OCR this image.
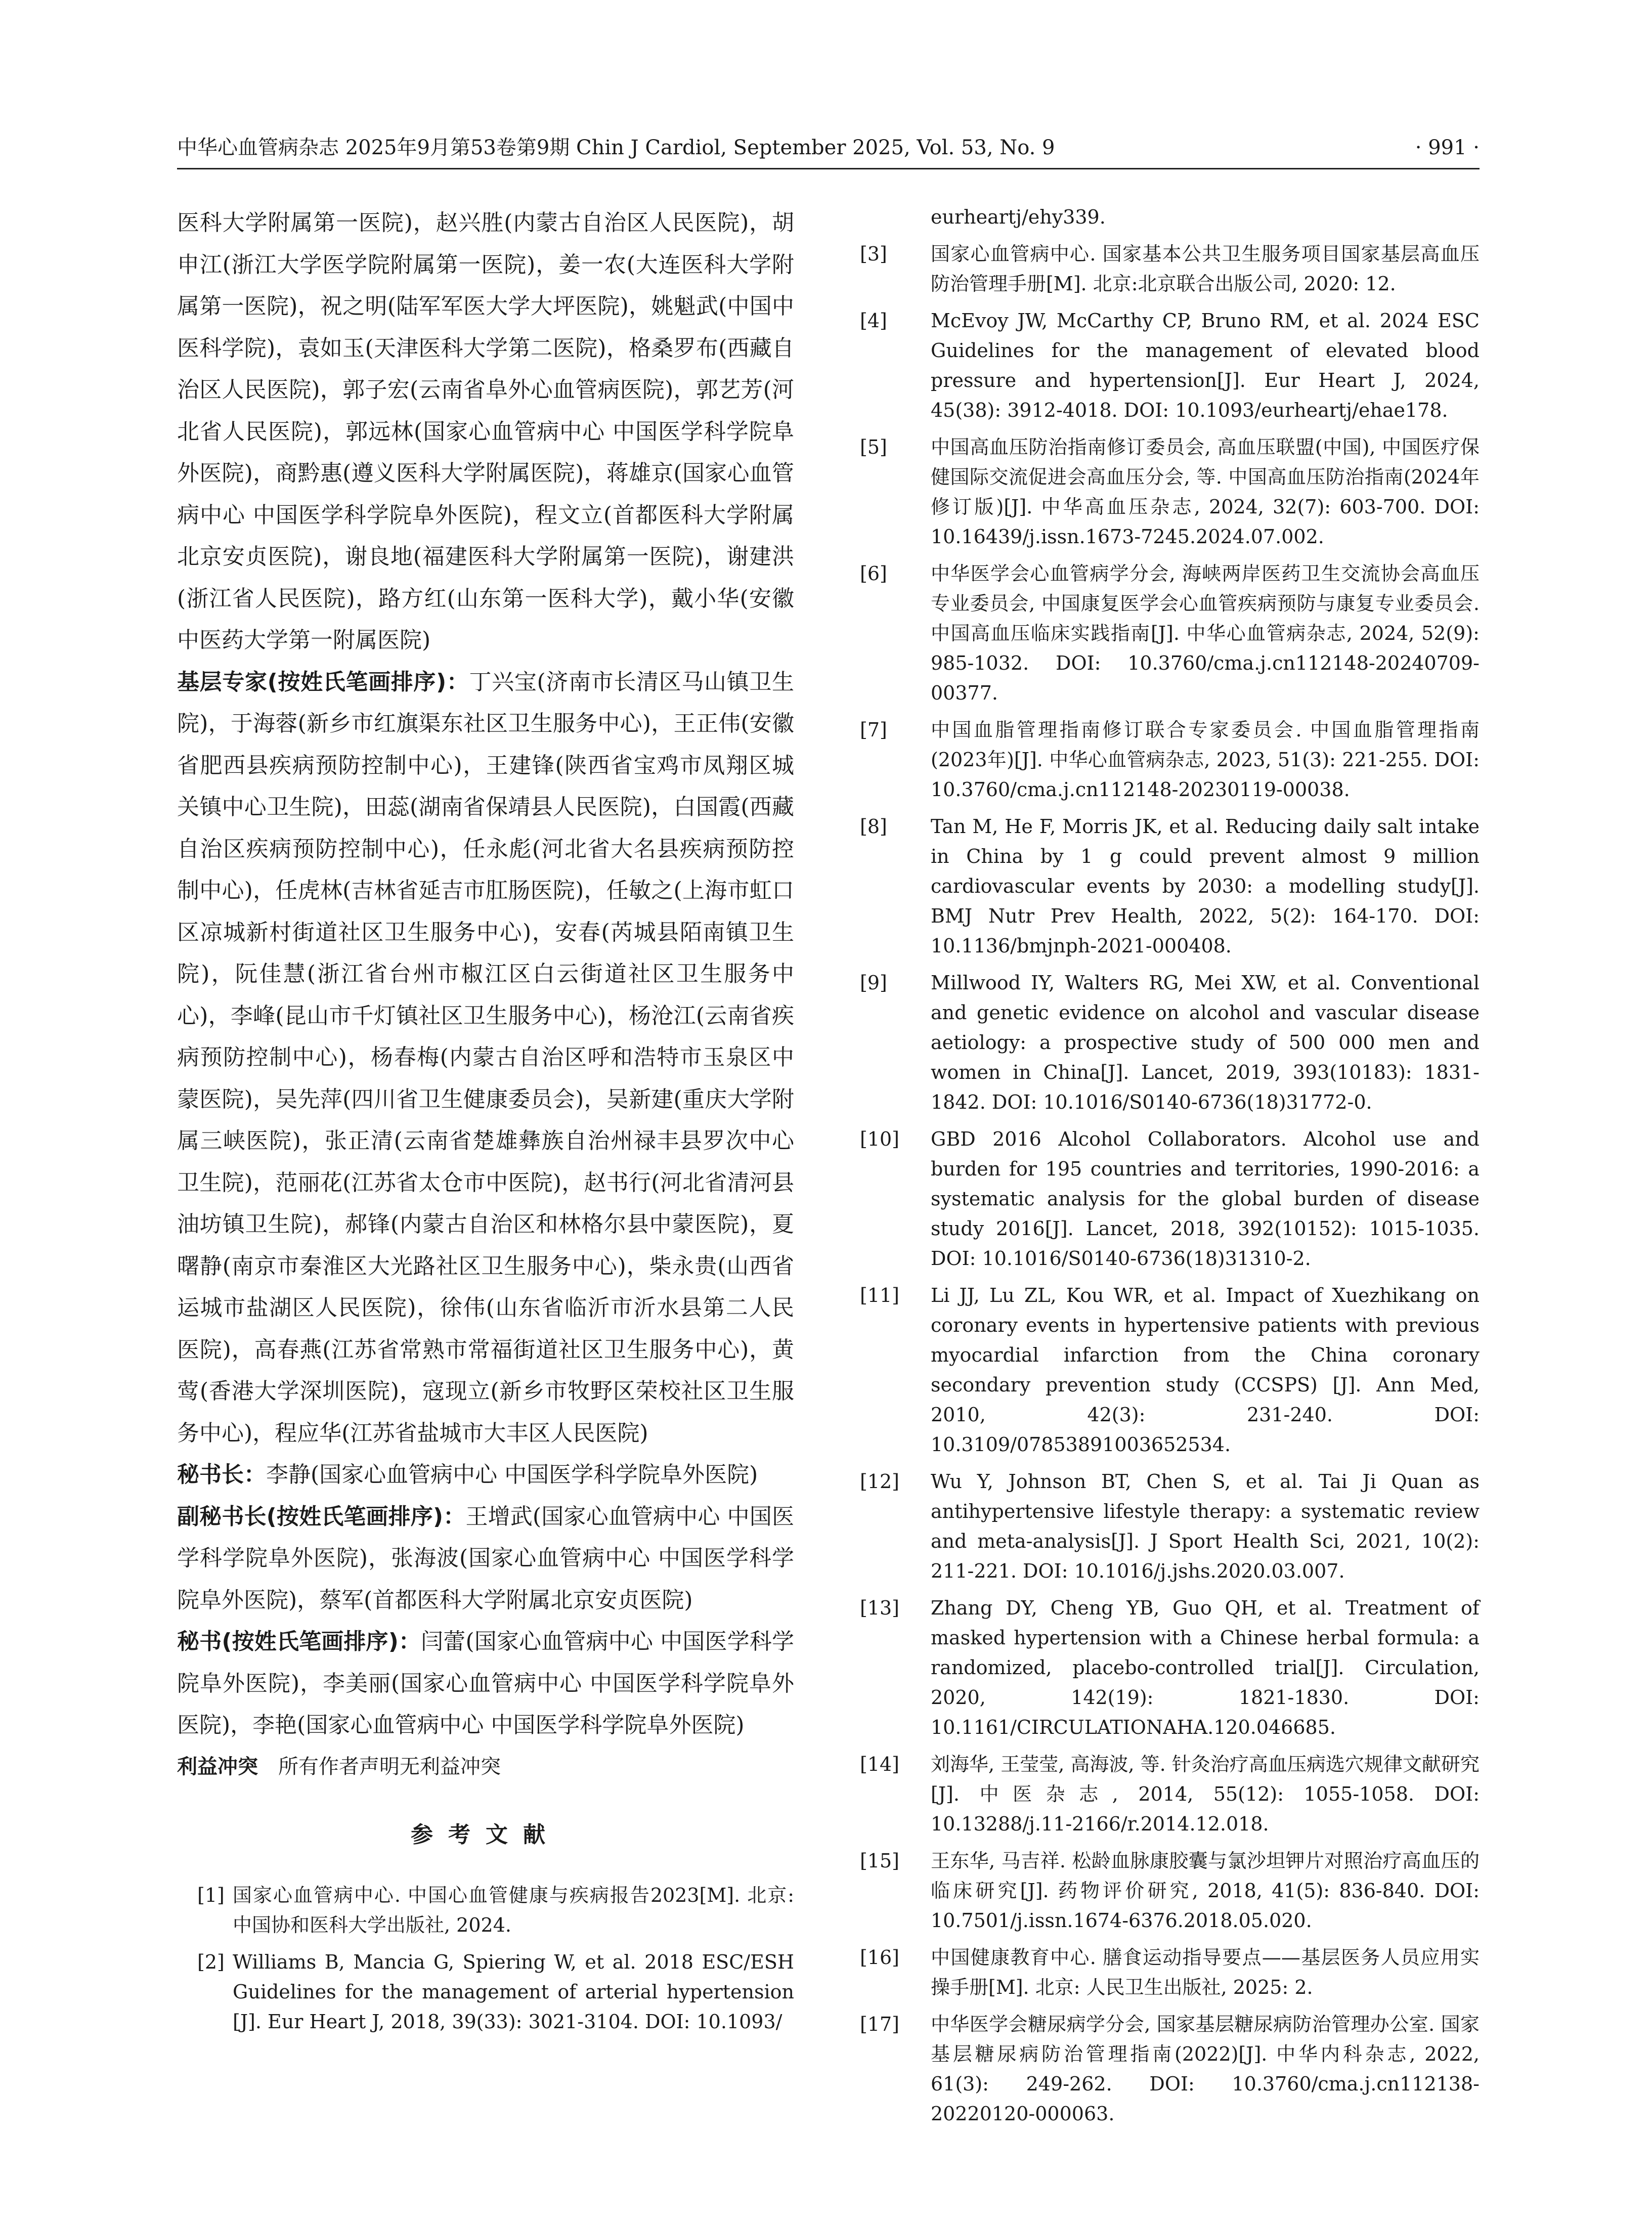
中华心血管病杂志 2025年9月第53卷第9期 Chin J Cardiol, September 2025, Vol. 53, No. 9	· 991 ·

医科大学附属第一医院)，赵兴胜(内蒙古自治区人民医院)，胡申江(浙江大学医学院附属第一医院)，姜一农(大连医科大学附属第一医院)，祝之明(陆军军医大学大坪医院)，姚魁武(中国中医科学院)，袁如玉(天津医科大学第二医院)，格桑罗布(西藏自治区人民医院)，郭子宏(云南省阜外心血管病医院)，郭艺芳(河北省人民医院)，郭远林(国家心血管病中心 中国医学科学院阜外医院)，商黔惠(遵义医科大学附属医院)，蒋雄京(国家心血管病中心 中国医学科学院阜外医院)，程文立(首都医科大学附属北京安贞医院)，谢良地(福建医科大学附属第一医院)，谢建洪(浙江省人民医院)，路方红(山东第一医科大学)，戴小华(安徽中医药大学第一附属医院)

基层专家(按姓氏笔画排序)：丁兴宝(济南市长清区马山镇卫生院)，于海蓉(新乡市红旗渠东社区卫生服务中心)，王正伟(安徽省肥西县疾病预防控制中心)，王建锋(陕西省宝鸡市凤翔区城关镇中心卫生院)，田蕊(湖南省保靖县人民医院)，白国霞(西藏自治区疾病预防控制中心)，任永彪(河北省大名县疾病预防控制中心)，任虎林(吉林省延吉市肛肠医院)，任敏之(上海市虹口区凉城新村街道社区卫生服务中心)，安春(芮城县陌南镇卫生院)，阮佳慧(浙江省台州市椒江区白云街道社区卫生服务中心)，李峰(昆山市千灯镇社区卫生服务中心)，杨沧江(云南省疾病预防控制中心)，杨春梅(内蒙古自治区呼和浩特市玉泉区中蒙医院)，吴先萍(四川省卫生健康委员会)，吴新建(重庆大学附属三峡医院)，张正清(云南省楚雄彝族自治州禄丰县罗次中心卫生院)，范丽花(江苏省太仓市中医院)，赵书行(河北省清河县油坊镇卫生院)，郝锋(内蒙古自治区和林格尔县中蒙医院)，夏曙静(南京市秦淮区大光路社区卫生服务中心)，柴永贵(山西省运城市盐湖区人民医院)，徐伟(山东省临沂市沂水县第二人民医院)，高春燕(江苏省常熟市常福街道社区卫生服务中心)，黄莺(香港大学深圳医院)，寇现立(新乡市牧野区荣校社区卫生服务中心)，程应华(江苏省盐城市大丰区人民医院)

秘书长：李静(国家心血管病中心 中国医学科学院阜外医院)

副秘书长(按姓氏笔画排序)：王增武(国家心血管病中心 中国医学科学院阜外医院)，张海波(国家心血管病中心 中国医学科学院阜外医院)，蔡军(首都医科大学附属北京安贞医院)

秘书(按姓氏笔画排序)：闫蕾(国家心血管病中心 中国医学科学院阜外医院)，李美丽(国家心血管病中心 中国医学科学院阜外医院)，李艳(国家心血管病中心 中国医学科学院阜外医院)

利益冲突 所有作者声明无利益冲突

参考文献
[1] 国家心血管病中心. 中国心血管健康与疾病报告2023[M]. 北京: 中国协和医科大学出版社, 2024.
[2] Williams B, Mancia G, Spiering W, et al. 2018 ESC/ESH Guidelines for the management of arterial hypertension [J]. Eur Heart J, 2018, 39(33): 3021-3104. DOI: 10.1093/
eurheartj/ehy339.
[3] 国家心血管病中心. 国家基本公共卫生服务项目国家基层高血压防治管理手册[M]. 北京:北京联合出版公司, 2020: 12.
[4] McEvoy JW, McCarthy CP, Bruno RM, et al. 2024 ESC Guidelines for the management of elevated blood pressure and hypertension[J]. Eur Heart J, 2024, 45(38): 3912-4018. DOI: 10.1093/eurheartj/ehae178.
[5] 中国高血压防治指南修订委员会, 高血压联盟(中国), 中国医疗保健国际交流促进会高血压分会, 等. 中国高血压防治指南(2024年修订版)[J]. 中华高血压杂志, 2024, 32(7): 603-700. DOI: 10.16439/j.issn.1673-7245.2024.07.002.
[6] 中华医学会心血管病学分会, 海峡两岸医药卫生交流协会高血压专业委员会, 中国康复医学会心血管疾病预防与康复专业委员会. 中国高血压临床实践指南[J]. 中华心血管病杂志, 2024, 52(9): 985-1032. DOI: 10.3760/cma.j.cn112148-20240709-00377.
[7] 中国血脂管理指南修订联合专家委员会. 中国血脂管理指南(2023年)[J]. 中华心血管病杂志, 2023, 51(3): 221-255. DOI: 10.3760/cma.j.cn112148-20230119-00038.
[8] Tan M, He F, Morris JK, et al. Reducing daily salt intake in China by 1 g could prevent almost 9 million cardiovascular events by 2030: a modelling study[J]. BMJ Nutr Prev Health, 2022, 5(2): 164-170. DOI: 10.1136/bmjnph-2021-000408.
[9] Millwood IY, Walters RG, Mei XW, et al. Conventional and genetic evidence on alcohol and vascular disease aetiology: a prospective study of 500 000 men and women in China[J]. Lancet, 2019, 393(10183): 1831-1842. DOI: 10.1016/S0140-6736(18)31772-0.
[10] GBD 2016 Alcohol Collaborators. Alcohol use and burden for 195 countries and territories, 1990-2016: a systematic analysis for the global burden of disease study 2016[J]. Lancet, 2018, 392(10152): 1015-1035. DOI: 10.1016/S0140-6736(18)31310-2.
[11] Li JJ, Lu ZL, Kou WR, et al. Impact of Xuezhikang on coronary events in hypertensive patients with previous myocardial infarction from the China coronary secondary prevention study (CCSPS) [J]. Ann Med, 2010, 42(3): 231-240. DOI: 10.3109/07853891003652534.
[12] Wu Y, Johnson BT, Chen S, et al. Tai Ji Quan as antihypertensive lifestyle therapy: a systematic review and meta-analysis[J]. J Sport Health Sci, 2021, 10(2): 211-221. DOI: 10.1016/j.jshs.2020.03.007.
[13] Zhang DY, Cheng YB, Guo QH, et al. Treatment of masked hypertension with a Chinese herbal formula: a randomized, placebo-controlled trial[J]. Circulation, 2020, 142(19): 1821-1830. DOI: 10.1161/CIRCULATIONAHA.120.046685.
[14] 刘海华, 王莹莹, 高海波, 等. 针灸治疗高血压病选穴规律文献研究[J]. 中医杂志, 2014, 55(12): 1055-1058. DOI: 10.13288/j.11-2166/r.2014.12.018.
[15] 王东华, 马吉祥. 松龄血脉康胶囊与氯沙坦钾片对照治疗高血压的临床研究[J]. 药物评价研究, 2018, 41(5): 836-840. DOI: 10.7501/j.issn.1674-6376.2018.05.020.
[16] 中国健康教育中心. 膳食运动指导要点——基层医务人员应用实操手册[M]. 北京: 人民卫生出版社, 2025: 2.
[17] 中华医学会糖尿病学分会, 国家基层糖尿病防治管理办公室. 国家基层糖尿病防治管理指南(2022)[J]. 中华内科杂志, 2022, 61(3): 249-262. DOI: 10.3760/cma.j.cn112138-20220120-000063.
